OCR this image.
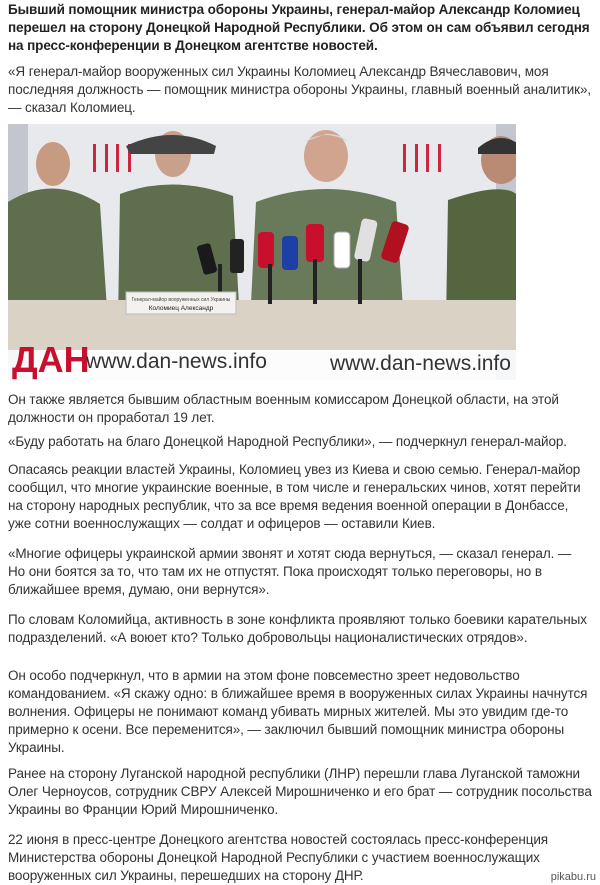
Бывший помощник министра обороны Украины, генерал-майор Александр Коломиец перешел на сторону Донецкой Народной Республики. Об этом он сам объявил сегодня на пресс-конференции в Донецком агентстве новостей.

«Я генерал-майор вооруженных сил Украины Коломиец Александр Вячеславович, моя последняя должность — помощник министра обороны Украины, главный военный аналитик», — сказал Коломиец.

Он также является бывшим областным военным комиссаром Донецкой области, на этой должности он проработал 19 лет.

«Буду работать на благо Донецкой Народной Республики», — подчеркнул генерал-майор.

Опасаясь реакции властей Украины, Коломиец увез из Киева и свою семью. Генерал-майор сообщил, что многие украинские военные, в том числе и генеральских чинов, хотят перейти на сторону народных республик, что за все время ведения военной операции в Донбассе, уже сотни военнослужащих — солдат и офицеров — оставили Киев.

«Многие офицеры украинской армии звонят и хотят сюда вернуться, — сказал генерал. — Но они боятся за то, что там их не отпустят. Пока происходят только переговоры, но в ближайшее время, думаю, они вернутся».

По словам Коломийца, активность в зоне конфликта проявляют только боевики карательных подразделений. «А воюет кто? Только добровольцы националистических отрядов».

Он особо подчеркнул, что в армии на этом фоне повсеместно зреет недовольство командованием. «Я скажу одно: в ближайшее время в вооруженных силах Украины начнутся волнения. Офицеры не понимают команд убивать мирных жителей. Мы это увидим где-то примерно к осени. Все переменится», — заключил бывший помощник министра обороны Украины.

Ранее на сторону Луганской народной республики (ЛНР) перешли глава Луганской таможни Олег Черноусов, сотрудник СВРУ Алексей Мирошниченко и его брат — сотрудник посольства Украины во Франции Юрий Мирошниченко.

22 июня в пресс-центре Донецкого агентства новостей состоялась пресс-конференция Министерства обороны Донецкой Народной Республики с участием военнослужащих вооруженных сил Украины, перешедших на сторону ДНР.

Генерал-майор вооруженных сил Украины
Коломиец Александр
ДАН
www.dan-news.info	www.dan-news.info
pikabu.ru
